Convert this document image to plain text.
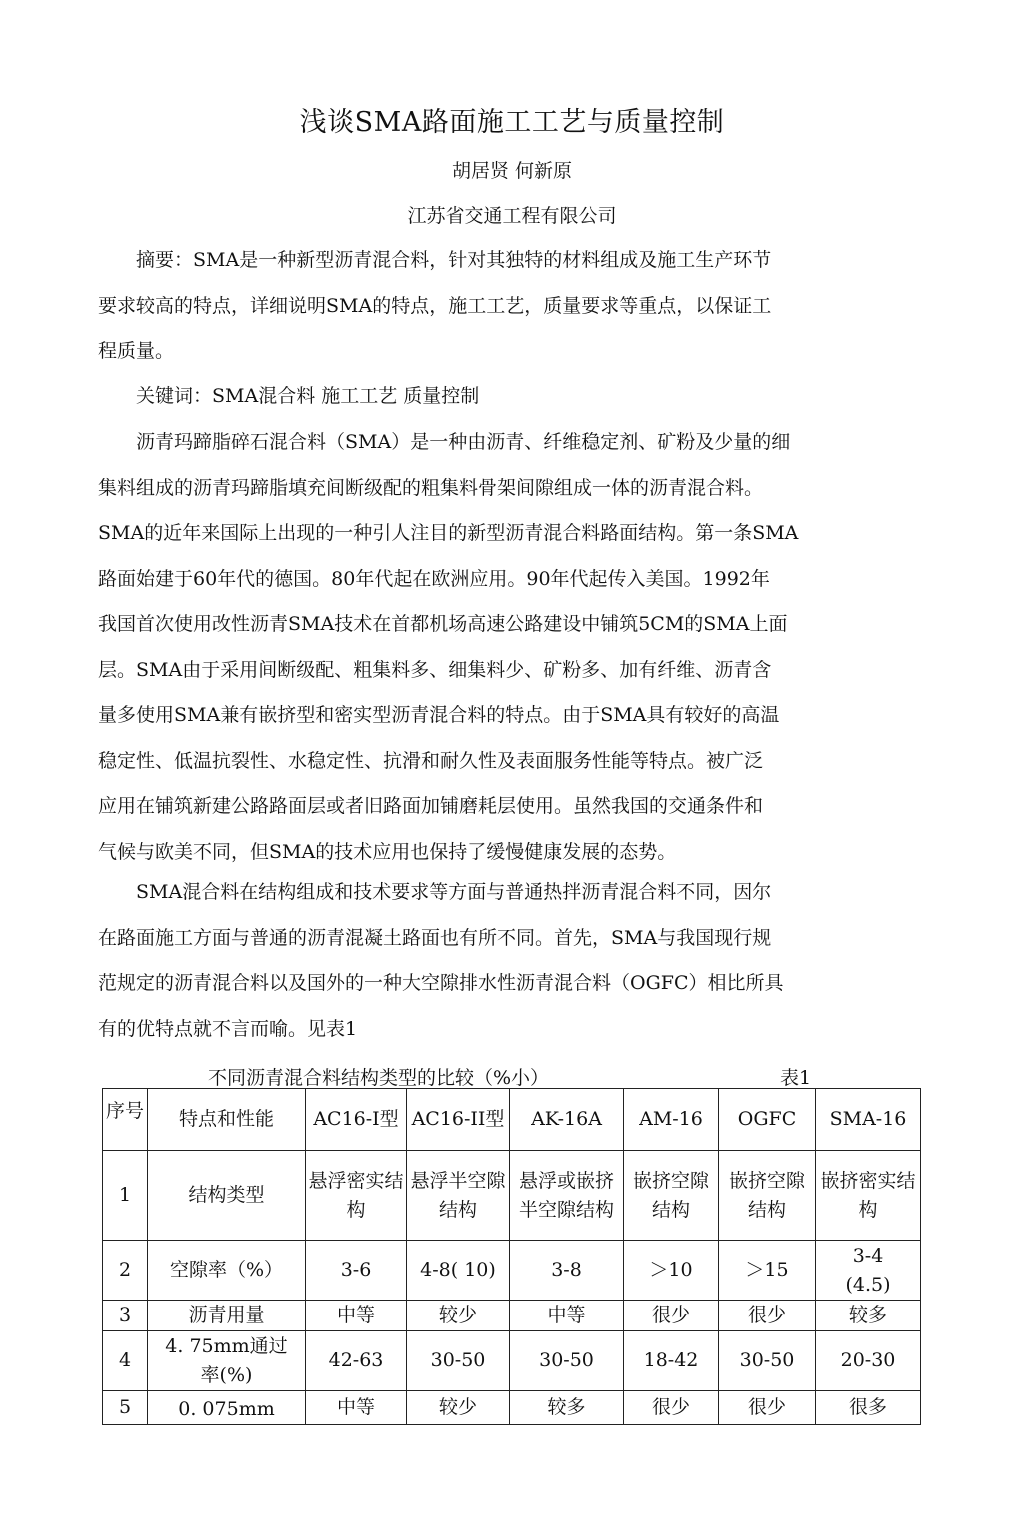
浅谈SMA路面施工工艺与质量控制
胡居贤 何新原
江苏省交通工程有限公司
　　摘要：SMA是一种新型沥青混合料，针对其独特的材料组成及施工生产环节
要求较高的特点，详细说明SMA的特点，施工工艺，质量要求等重点，以保证工
程质量。
　　关键词：SMA混合料 施工工艺 质量控制
　　沥青玛蹄脂碎石混合料（SMA）是一种由沥青、纤维稳定剂、矿粉及少量的细
集料组成的沥青玛蹄脂填充间断级配的粗集料骨架间隙组成一体的沥青混合料。
SMA的近年来国际上出现的一种引人注目的新型沥青混合料路面结构。第一条SMA
路面始建于60年代的德国。80年代起在欧洲应用。90年代起传入美国。1992年
我国首次使用改性沥青SMA技术在首都机场高速公路建设中铺筑5CM的SMA上面
层。SMA由于采用间断级配、粗集料多、细集料少、矿粉多、加有纤维、沥青含
量多使用SMA兼有嵌挤型和密实型沥青混合料的特点。由于SMA具有较好的高温
稳定性、低温抗裂性、水稳定性、抗滑和耐久性及表面服务性能等特点。被广泛
应用在铺筑新建公路路面层或者旧路面加铺磨耗层使用。虽然我国的交通条件和
气候与欧美不同，但SMA的技术应用也保持了缓慢健康发展的态势。
　　SMA混合料在结构组成和技术要求等方面与普通热拌沥青混合料不同，因尔
在路面施工方面与普通的沥青混凝土路面也有所不同。首先，SMA与我国现行规
范规定的沥青混合料以及国外的一种大空隙排水性沥青混合料（OGFC）相比所具
有的优特点就不言而喻。见表1
不同沥青混合料结构类型的比较（%小）	表1
序号	特点和性能	AC16-I型	AC16-II型	AK-16A	AM-16	OGFC	SMA-16
1	结构类型	悬浮密实结构	悬浮半空隙结构	悬浮或嵌挤半空隙结构	嵌挤空隙结构	嵌挤空隙结构	嵌挤密实结构
2	空隙率（%）	3-6	4-8( 10)	3-8	＞10	＞15	3-4 (4.5)

3	沥青用量	中等	较少	中等	很少	很少	较多
4	4. 75mm通过率(%)	42-63	30-50	30-50	18-42	30-50	20-30
5	0. 075mm	中等	较少	较多	很少	很少	很多
